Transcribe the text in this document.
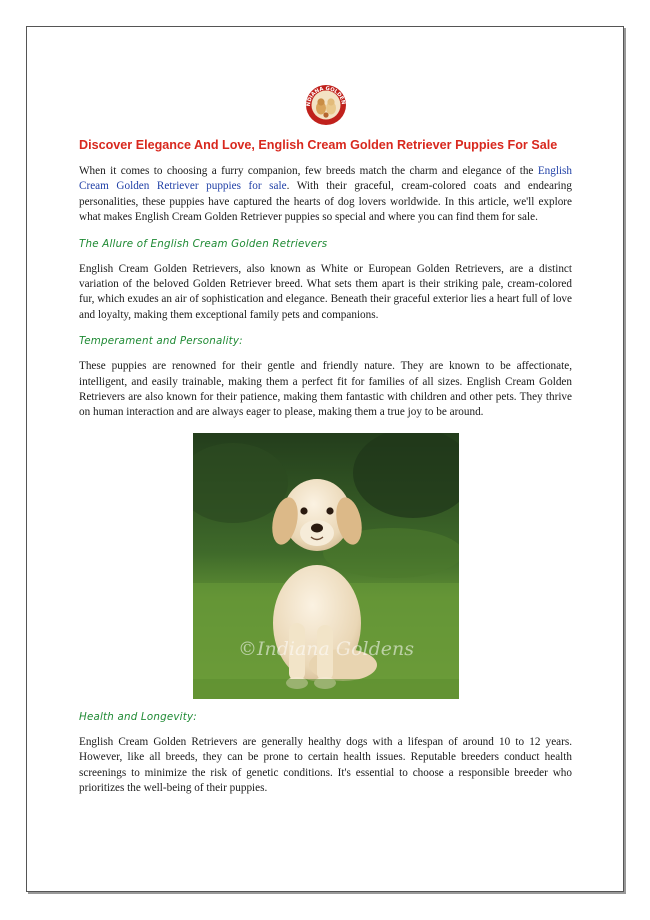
NDIANA GOLDEN
Discover Elegance And Love, English Cream Golden Retriever Puppies For Sale

When it comes to choosing a furry companion, few breeds match the charm and elegance of the English Cream Golden Retriever puppies for sale. With their graceful, cream-colored coats and endearing personalities, these puppies have captured the hearts of dog lovers worldwide. In this article, we'll explore what makes English Cream Golden Retriever puppies so special and where you can find them for sale.

The Allure of English Cream Golden Retrievers

English Cream Golden Retrievers, also known as White or European Golden Retrievers, are a distinct variation of the beloved Golden Retriever breed. What sets them apart is their striking pale, cream-colored fur, which exudes an air of sophistication and elegance. Beneath their graceful exterior lies a heart full of love and loyalty, making them exceptional family pets and companions.

Temperament and Personality:

These puppies are renowned for their gentle and friendly nature. They are known to be affectionate, intelligent, and easily trainable, making them a perfect fit for families of all sizes. English Cream Golden Retrievers are also known for their patience, making them fantastic with children and other pets. They thrive on human interaction and are always eager to please, making them a true joy to be around.

©Indiana Goldens
Health and Longevity:

English Cream Golden Retrievers are generally healthy dogs with a lifespan of around 10 to 12 years. However, like all breeds, they can be prone to certain health issues. Reputable breeders conduct health screenings to minimize the risk of genetic conditions. It's essential to choose a responsible breeder who prioritizes the well-being of their puppies.
